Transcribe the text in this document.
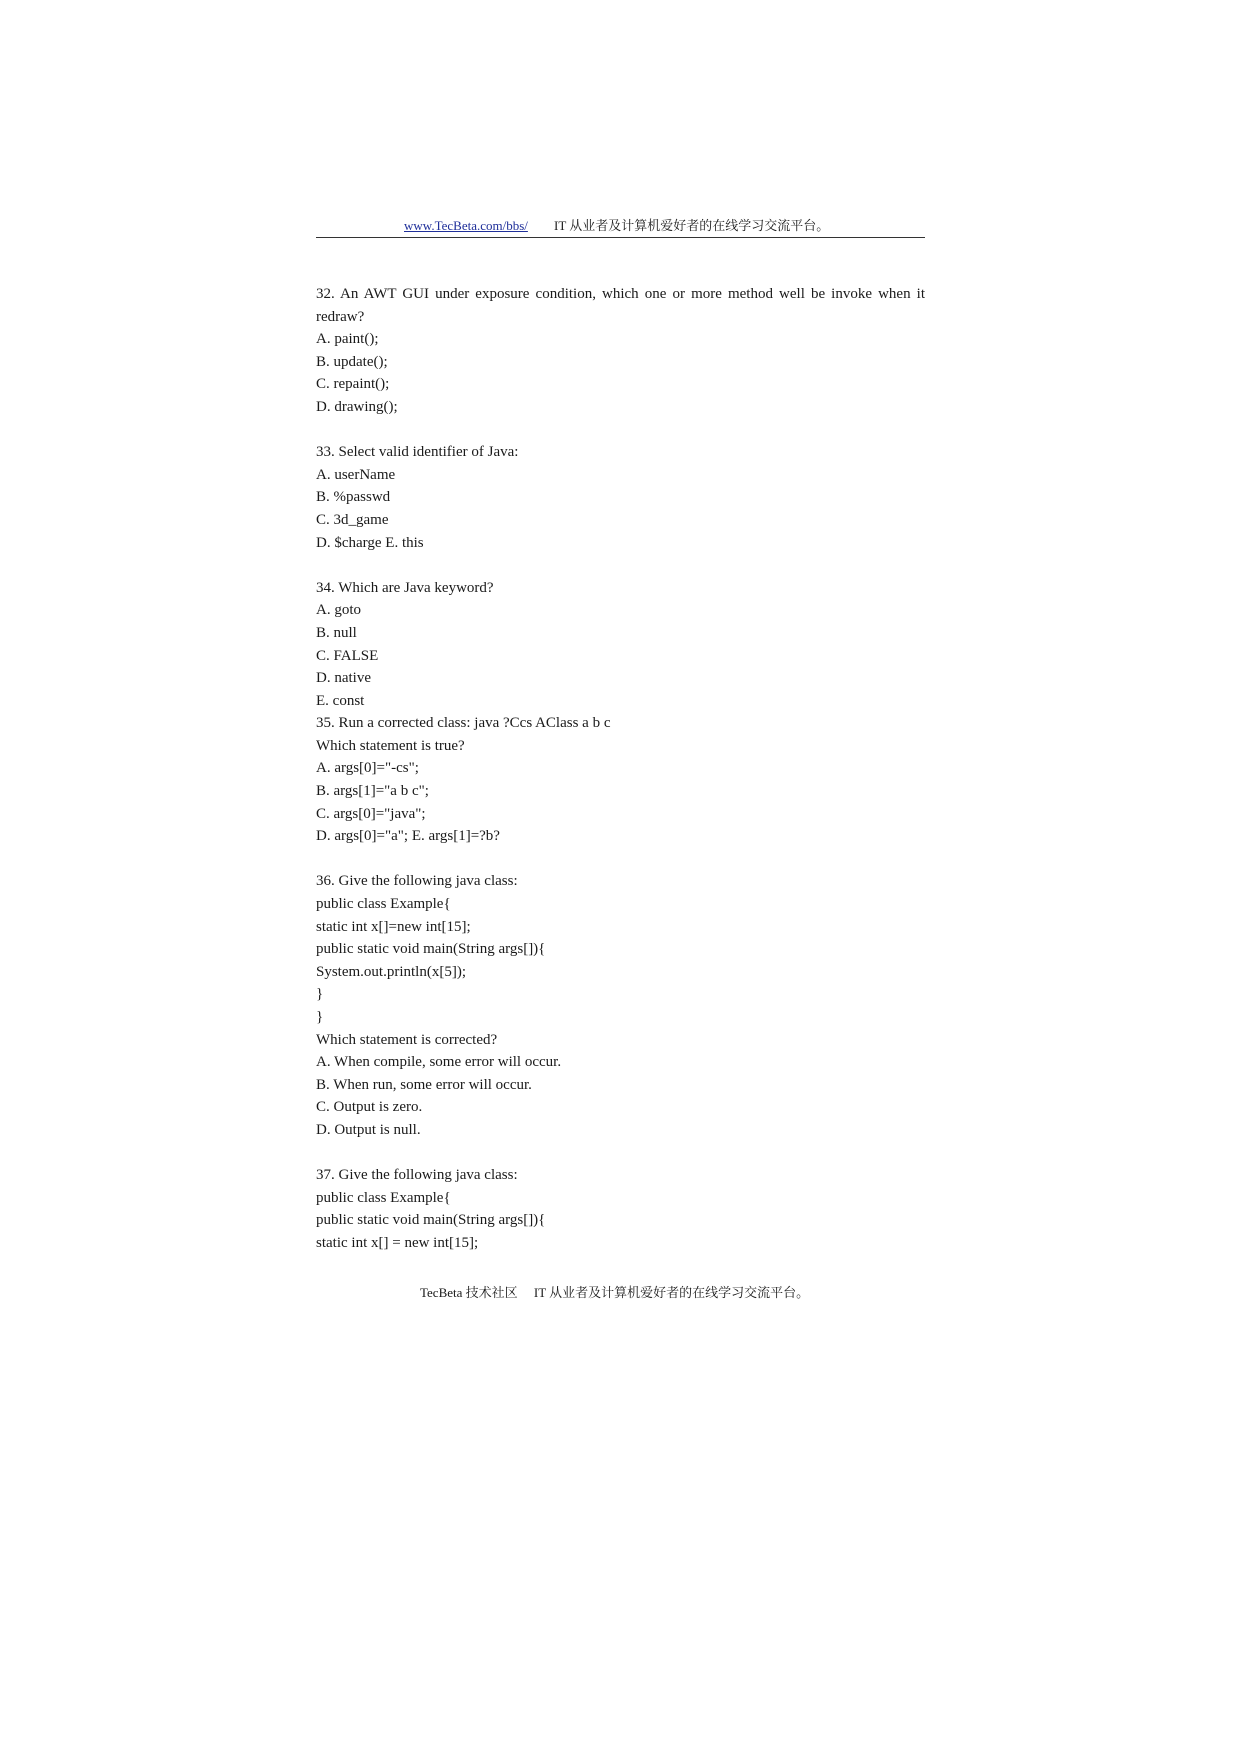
www.TecBeta.com/bbs/ IT 从业者及计算机爱好者的在线学习交流平台。
32. An AWT GUI under exposure condition, which one or more method well be invoke when it
redraw?
A. paint();
B. update();
C. repaint();
D. drawing();
33. Select valid identifier of Java:
A. userName
B. %passwd
C. 3d_game
D. $charge E. this
34. Which are Java keyword?
A. goto
B. null
C. FALSE
D. native
E. const
35. Run a corrected class: java ?Ccs AClass a b c
Which statement is true?
A. args[0]="-cs";
B. args[1]="a b c";
C. args[0]="java";
D. args[0]="a"; E. args[1]=?b?
36. Give the following java class:
public class Example{
static int x[]=new int[15];
public static void main(String args[]){
System.out.println(x[5]);
}
}
Which statement is corrected?
A. When compile, some error will occur.
B. When run, some error will occur.
C. Output is zero.
D. Output is null.
37. Give the following java class:
public class Example{
public static void main(String args[]){
static int x[] = new int[15];
TecBeta 技术社区     IT 从业者及计算机爱好者的在线学习交流平台。
